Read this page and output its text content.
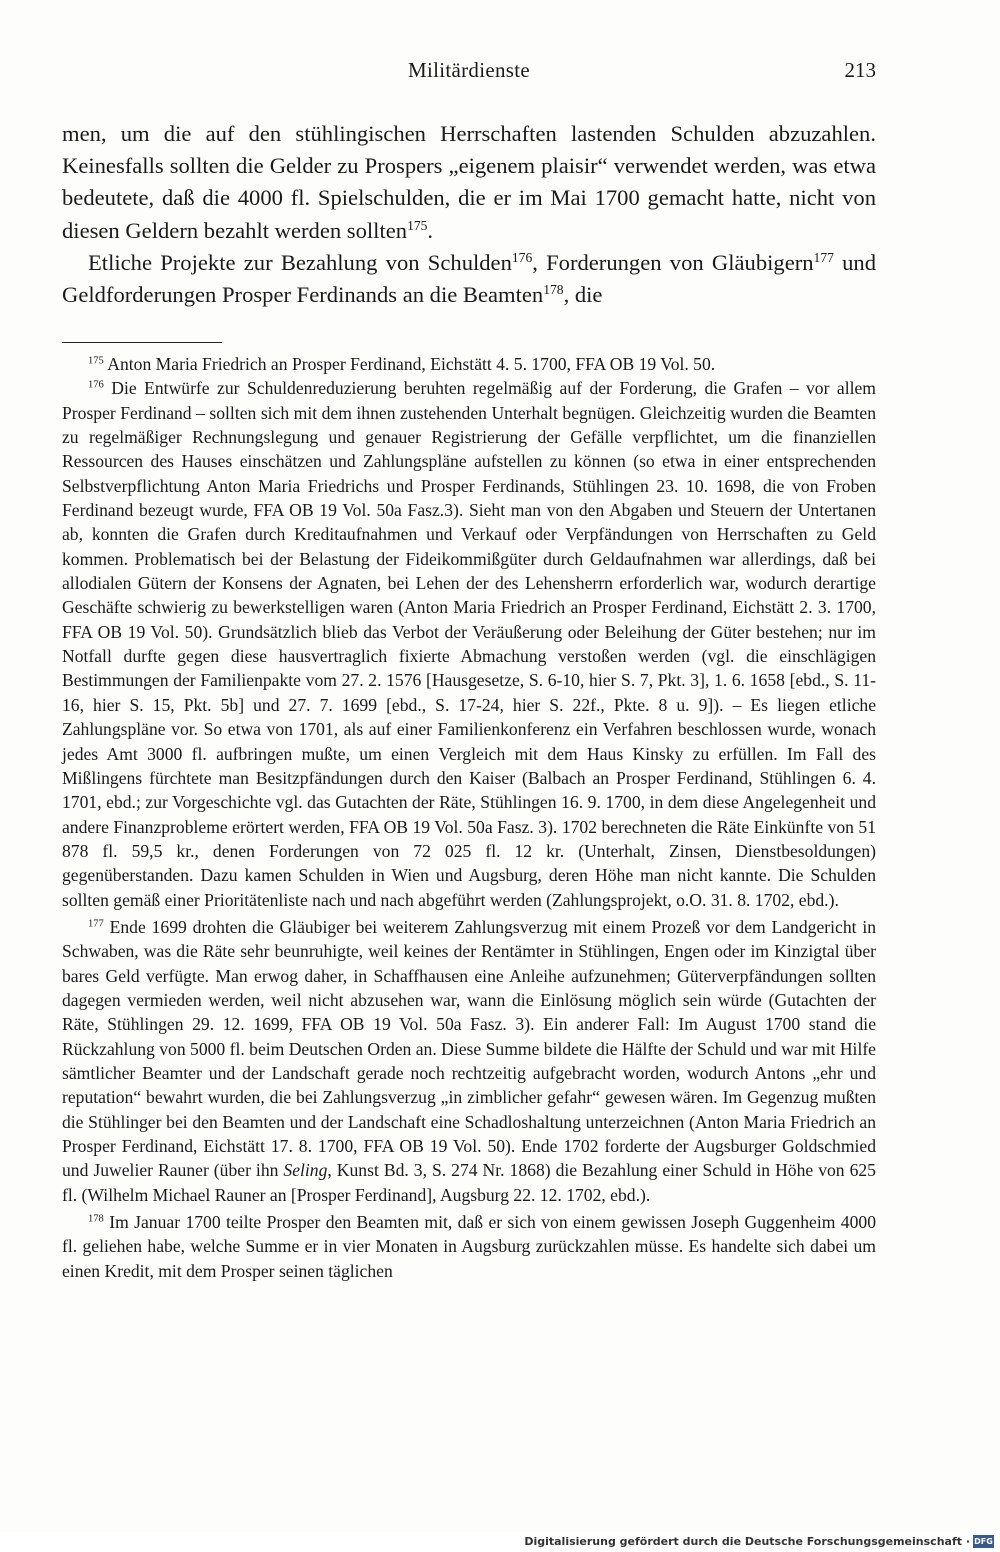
Militärdienste	213

men, um die auf den stühlingischen Herrschaften lastenden Schulden abzuzahlen. Keinesfalls sollten die Gelder zu Prospers „eigenem plaisir“ verwendet werden, was etwa bedeutete, daß die 4000 fl. Spielschulden, die er im Mai 1700 gemacht hatte, nicht von diesen Geldern bezahlt werden sollten$^{175}$.

Etliche Projekte zur Bezahlung von Schulden$^{176}$, Forderungen von Gläubigern$^{177}$ und Geldforderungen Prosper Ferdinands an die Beamten$^{178}$, die

$^{175}$ Anton Maria Friedrich an Prosper Ferdinand, Eichstätt 4. 5. 1700, FFA OB 19 Vol. 50.

$^{176}$ Die Entwürfe zur Schuldenreduzierung beruhten regelmäßig auf der Forderung, die Grafen – vor allem Prosper Ferdinand – sollten sich mit dem ihnen zustehenden Unterhalt begnügen. Gleichzeitig wurden die Beamten zu regelmäßiger Rechnungslegung und genauer Registrierung der Gefälle verpflichtet, um die finanziellen Ressourcen des Hauses einschätzen und Zahlungspläne aufstellen zu können (so etwa in einer entsprechenden Selbstverpflichtung Anton Maria Friedrichs und Prosper Ferdinands, Stühlingen 23. 10. 1698, die von Froben Ferdinand bezeugt wurde, FFA OB 19 Vol. 50a Fasz.3). Sieht man von den Abgaben und Steuern der Untertanen ab, konnten die Grafen durch Kreditaufnahmen und Verkauf oder Verpfändungen von Herrschaften zu Geld kommen. Problematisch bei der Belastung der Fideikommißgüter durch Geldaufnahmen war allerdings, daß bei allodialen Gütern der Konsens der Agnaten, bei Lehen der des Lehensherrn erforderlich war, wodurch derartige Geschäfte schwierig zu bewerkstelligen waren (Anton Maria Friedrich an Prosper Ferdinand, Eichstätt 2. 3. 1700, FFA OB 19 Vol. 50). Grundsätzlich blieb das Verbot der Veräußerung oder Beleihung der Güter bestehen; nur im Notfall durfte gegen diese hausvertraglich fixierte Abmachung verstoßen werden (vgl. die einschlägigen Bestimmungen der Familienpakte vom 27. 2. 1576 [Hausgesetze, S. 6-10, hier S. 7, Pkt. 3], 1. 6. 1658 [ebd., S. 11-16, hier S. 15, Pkt. 5b] und 27. 7. 1699 [ebd., S. 17-24, hier S. 22f., Pkte. 8 u. 9]). – Es liegen etliche Zahlungspläne vor. So etwa von 1701, als auf einer Familienkonferenz ein Verfahren beschlossen wurde, wonach jedes Amt 3000 fl. aufbringen mußte, um einen Vergleich mit dem Haus Kinsky zu erfüllen. Im Fall des Mißlingens fürchtete man Besitzpfändungen durch den Kaiser (Balbach an Prosper Ferdinand, Stühlingen 6. 4. 1701, ebd.; zur Vorgeschichte vgl. das Gutachten der Räte, Stühlingen 16. 9. 1700, in dem diese Angelegenheit und andere Finanzprobleme erörtert werden, FFA OB 19 Vol. 50a Fasz. 3). 1702 berechneten die Räte Einkünfte von 51 878 fl. 59,5 kr., denen Forderungen von 72 025 fl. 12 kr. (Unterhalt, Zinsen, Dienstbesoldungen) gegenüberstanden. Dazu kamen Schulden in Wien und Augsburg, deren Höhe man nicht kannte. Die Schulden sollten gemäß einer Prioritätenliste nach und nach abgeführt werden (Zahlungsprojekt, o.O. 31. 8. 1702, ebd.).

$^{177}$ Ende 1699 drohten die Gläubiger bei weiterem Zahlungsverzug mit einem Prozeß vor dem Landgericht in Schwaben, was die Räte sehr beunruhigte, weil keines der Rentämter in Stühlingen, Engen oder im Kinzigtal über bares Geld verfügte. Man erwog daher, in Schaffhausen eine Anleihe aufzunehmen; Güterverpfändungen sollten dagegen vermieden werden, weil nicht abzusehen war, wann die Einlösung möglich sein würde (Gutachten der Räte, Stühlingen 29. 12. 1699, FFA OB 19 Vol. 50a Fasz. 3). Ein anderer Fall: Im August 1700 stand die Rückzahlung von 5000 fl. beim Deutschen Orden an. Diese Summe bildete die Hälfte der Schuld und war mit Hilfe sämtlicher Beamter und der Landschaft gerade noch rechtzeitig aufgebracht worden, wodurch Antons „ehr und reputation“ bewahrt wurden, die bei Zahlungsverzug „in zimblicher gefahr“ gewesen wären. Im Gegenzug mußten die Stühlinger bei den Beamten und der Landschaft eine Schadloshaltung unterzeichnen (Anton Maria Friedrich an Prosper Ferdinand, Eichstätt 17. 8. 1700, FFA OB 19 Vol. 50). Ende 1702 forderte der Augsburger Goldschmied und Juwelier Rauner (über ihn Seling, Kunst Bd. 3, S. 274 Nr. 1868) die Bezahlung einer Schuld in Höhe von 625 fl. (Wilhelm Michael Rauner an [Prosper Ferdinand], Augsburg 22. 12. 1702, ebd.).

$^{178}$ Im Januar 1700 teilte Prosper den Beamten mit, daß er sich von einem gewissen Joseph Guggenheim 4000 fl. geliehen habe, welche Summe er in vier Monaten in Augsburg zurückzahlen müsse. Es handelte sich dabei um einen Kredit, mit dem Prosper seinen täglichen

Digitalisierung gefördert durch die Deutsche Forschungsgemeinschaft · DFG
